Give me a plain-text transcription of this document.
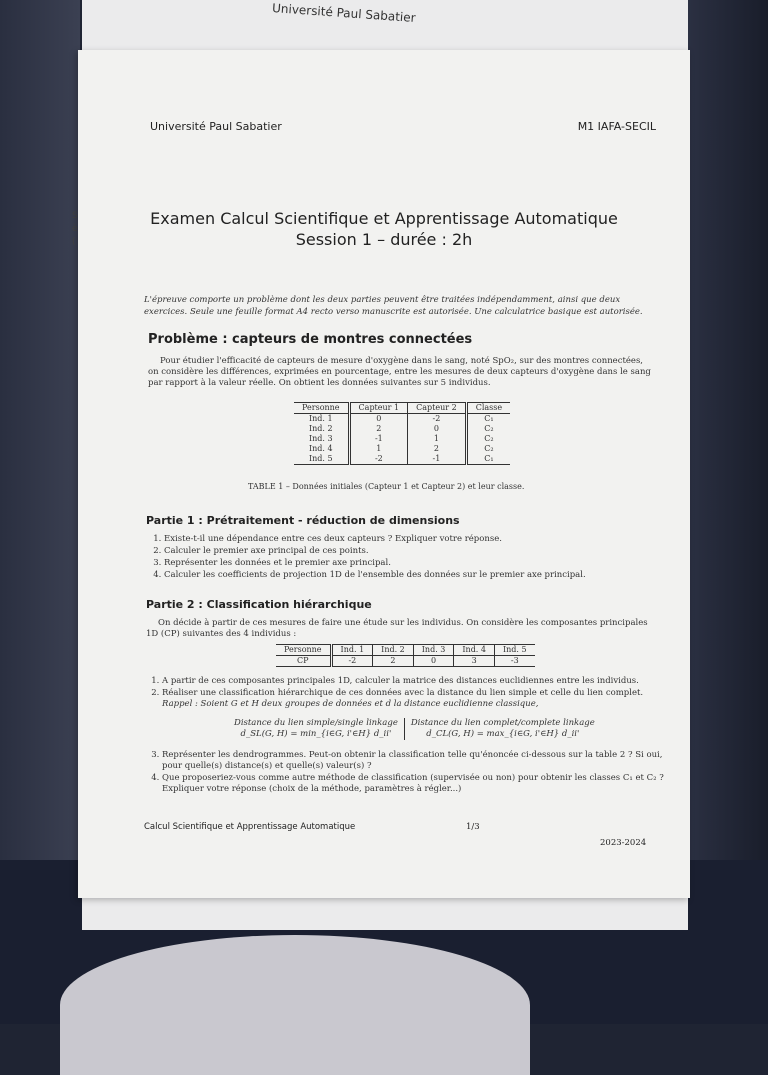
Université Paul Sabatier
S
è
(
Université Paul Sabatier	M1 IAFA-SECIL
Examen Calcul Scientifique et Apprentissage Automatique
Session 1 – durée : 2h
L'épreuve comporte un problème dont les deux parties peuvent être traitées indépendamment, ainsi que deux exercices. Seule une feuille format A4 recto verso manuscrite est autorisée. Une calculatrice basique est autorisée.
Problème : capteurs de montres connectées
Pour étudier l'efficacité de capteurs de mesure d'oxygène dans le sang, noté SpO₂, sur des montres connectées, on considère les différences, exprimées en pourcentage, entre les mesures de deux capteurs d'oxygène dans le sang par rapport à la valeur réelle. On obtient les données suivantes sur 5 individus.
Personne	Capteur 1	Capteur 2	Classe
Ind. 1	0	-2	C₁
Ind. 2	2	0	C₂
Ind. 3	-1	1	C₂
Ind. 4	1	2	C₂
Ind. 5	-2	-1	C₁
TABLE 1 – Données initiales (Capteur 1 et Capteur 2) et leur classe.
Partie 1 : Prétraitement - réduction de dimensions
1. Existe-t-il une dépendance entre ces deux capteurs ? Expliquer votre réponse.
2. Calculer le premier axe principal de ces points.
3. Représenter les données et le premier axe principal.
4. Calculer les coefficients de projection 1D de l'ensemble des données sur le premier axe principal.
Partie 2 : Classification hiérarchique
On décide à partir de ces mesures de faire une étude sur les individus. On considère les composantes principales 1D (CP) suivantes des 4 individus :
Personne	Ind. 1	Ind. 2	Ind. 3	Ind. 4	Ind. 5
CP	-2	2	0	3	-3
1. A partir de ces composantes principales 1D, calculer la matrice des distances euclidiennes entre les individus.
2. Réaliser une classification hiérarchique de ces données avec la distance du lien simple et celle du lien complet. Rappel : Soient G et H deux groupes de données et d la distance euclidienne classique,
Distance du lien simple/single linkage
d_SL(G, H) = min_{i∈G, i'∈H} d_ii'
Distance du lien complet/complete linkage
d_CL(G, H) = max_{i∈G, i'∈H} d_ii'
3. Représenter les dendrogrammes. Peut-on obtenir la classification telle qu'énoncée ci-dessous sur la table 2 ? Si oui, pour quelle(s) distance(s) et quelle(s) valeur(s) ?
4. Que proposeriez-vous comme autre méthode de classification (supervisée ou non) pour obtenir les classes C₁ et C₂ ? Expliquer votre réponse (choix de la méthode, paramètres à régler...)
Calcul Scientifique et Apprentissage Automatique	1/3
2023-2024
